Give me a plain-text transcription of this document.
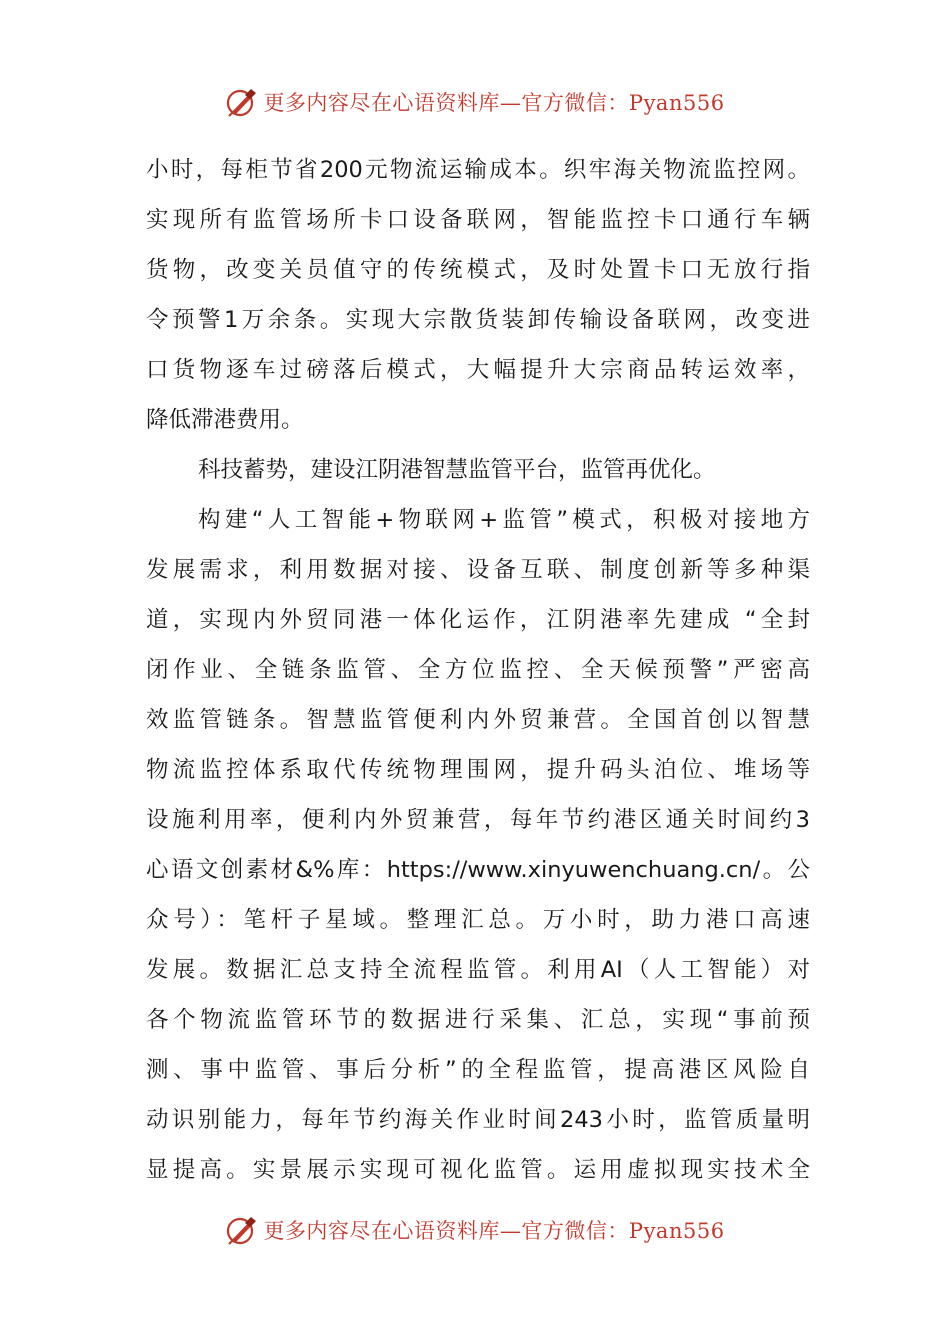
更多内容尽在心语资料库—官方微信：Pyan556
小时，每柜节省200元物流运输成本。织牢海关物流监控网。
实现所有监管场所卡口设备联网，智能监控卡口通行车辆
货物，改变关员值守的传统模式，及时处置卡口无放行指
令预警1万余条。实现大宗散货装卸传输设备联网，改变进
口货物逐车过磅落后模式，大幅提升大宗商品转运效率，
降低滞港费用。
科技蓄势，建设江阴港智慧监管平台，监管再优化。
构建“人工智能+物联网+监管”模式，积极对接地方
发展需求，利用数据对接、设备互联、制度创新等多种渠
道，实现内外贸同港一体化运作，江阴港率先建成 “全封
闭作业、全链条监管、全方位监控、全天候预警”严密高
效监管链条。智慧监管便利内外贸兼营。全国首创以智慧
物流监控体系取代传统物理围网，提升码头泊位、堆场等
设施利用率，便利内外贸兼营，每年节约港区通关时间约3
心语文创素材&%库：https://www.xinyuwenchuang.cn/。公
众号）：笔杆子星域。整理汇总。万小时，助力港口高速
发展。数据汇总支持全流程监管。利用AI（人工智能）对
各个物流监管环节的数据进行采集、汇总，实现“事前预
测、事中监管、事后分析”的全程监管，提高港区风险自
动识别能力，每年节约海关作业时间243小时，监管质量明
显提高。实景展示实现可视化监管。运用虚拟现实技术全
更多内容尽在心语资料库—官方微信：Pyan556
